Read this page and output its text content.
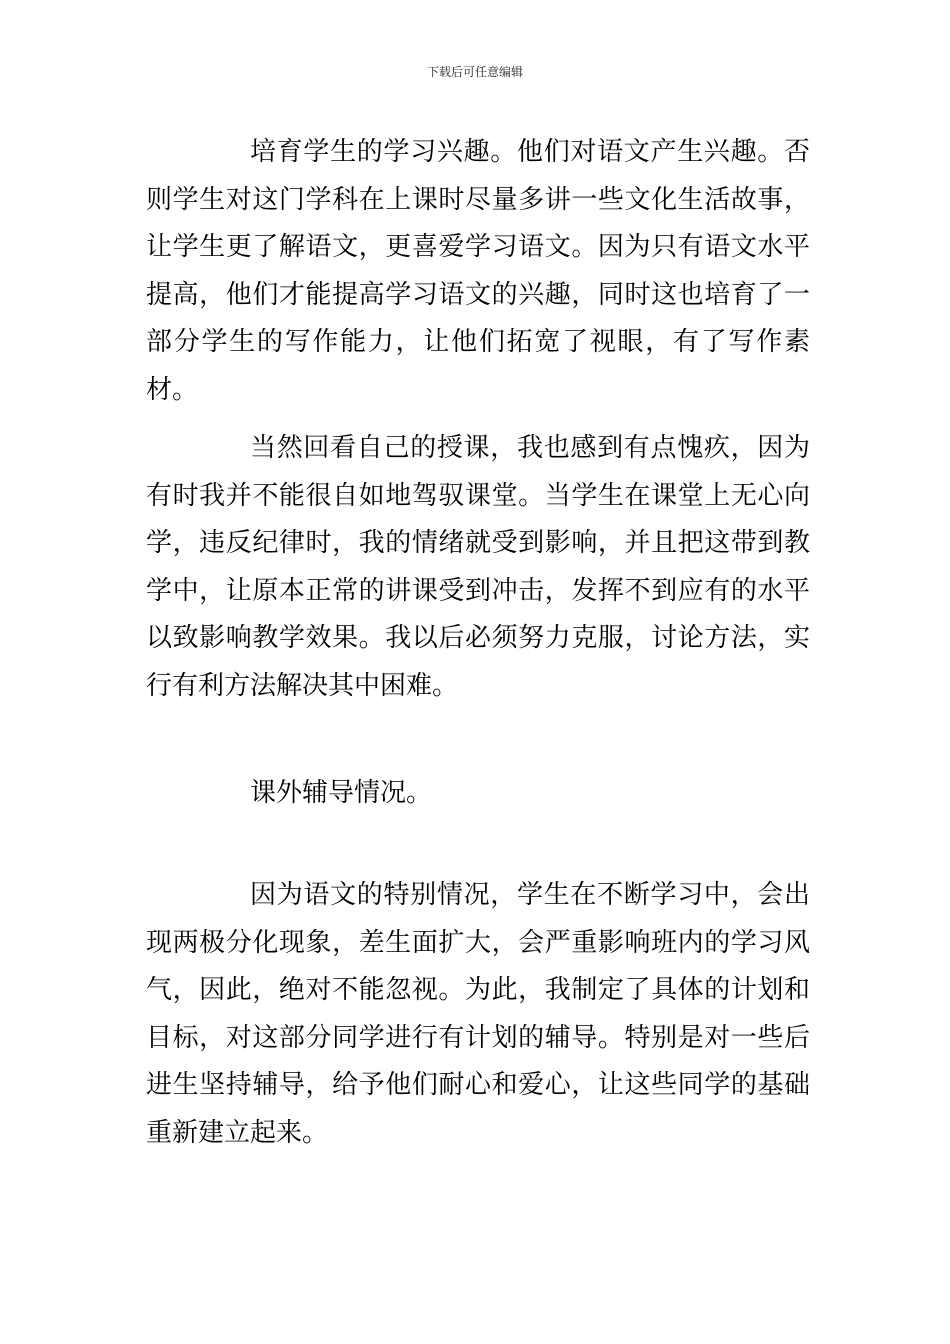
下载后可任意编辑

培育学生的学习兴趣。他们对语文产生兴趣。否则学生对这门学科在上课时尽量多讲一些文化生活故事，让学生更了解语文，更喜爱学习语文。因为只有语文水平提高，他们才能提高学习语文的兴趣，同时这也培育了一部分学生的写作能力，让他们拓宽了视眼，有了写作素材。

当然回看自己的授课，我也感到有点愧疚，因为有时我并不能很自如地驾驭课堂。当学生在课堂上无心向学，违反纪律时，我的情绪就受到影响，并且把这带到教学中，让原本正常的讲课受到冲击，发挥不到应有的水平以致影响教学效果。我以后必须努力克服，讨论方法，实行有利方法解决其中困难。

课外辅导情况。

因为语文的特别情况，学生在不断学习中，会出现两极分化现象，差生面扩大，会严重影响班内的学习风气，因此，绝对不能忽视。为此，我制定了具体的计划和目标，对这部分同学进行有计划的辅导。特别是对一些后进生坚持辅导，给予他们耐心和爱心，让这些同学的基础重新建立起来。
